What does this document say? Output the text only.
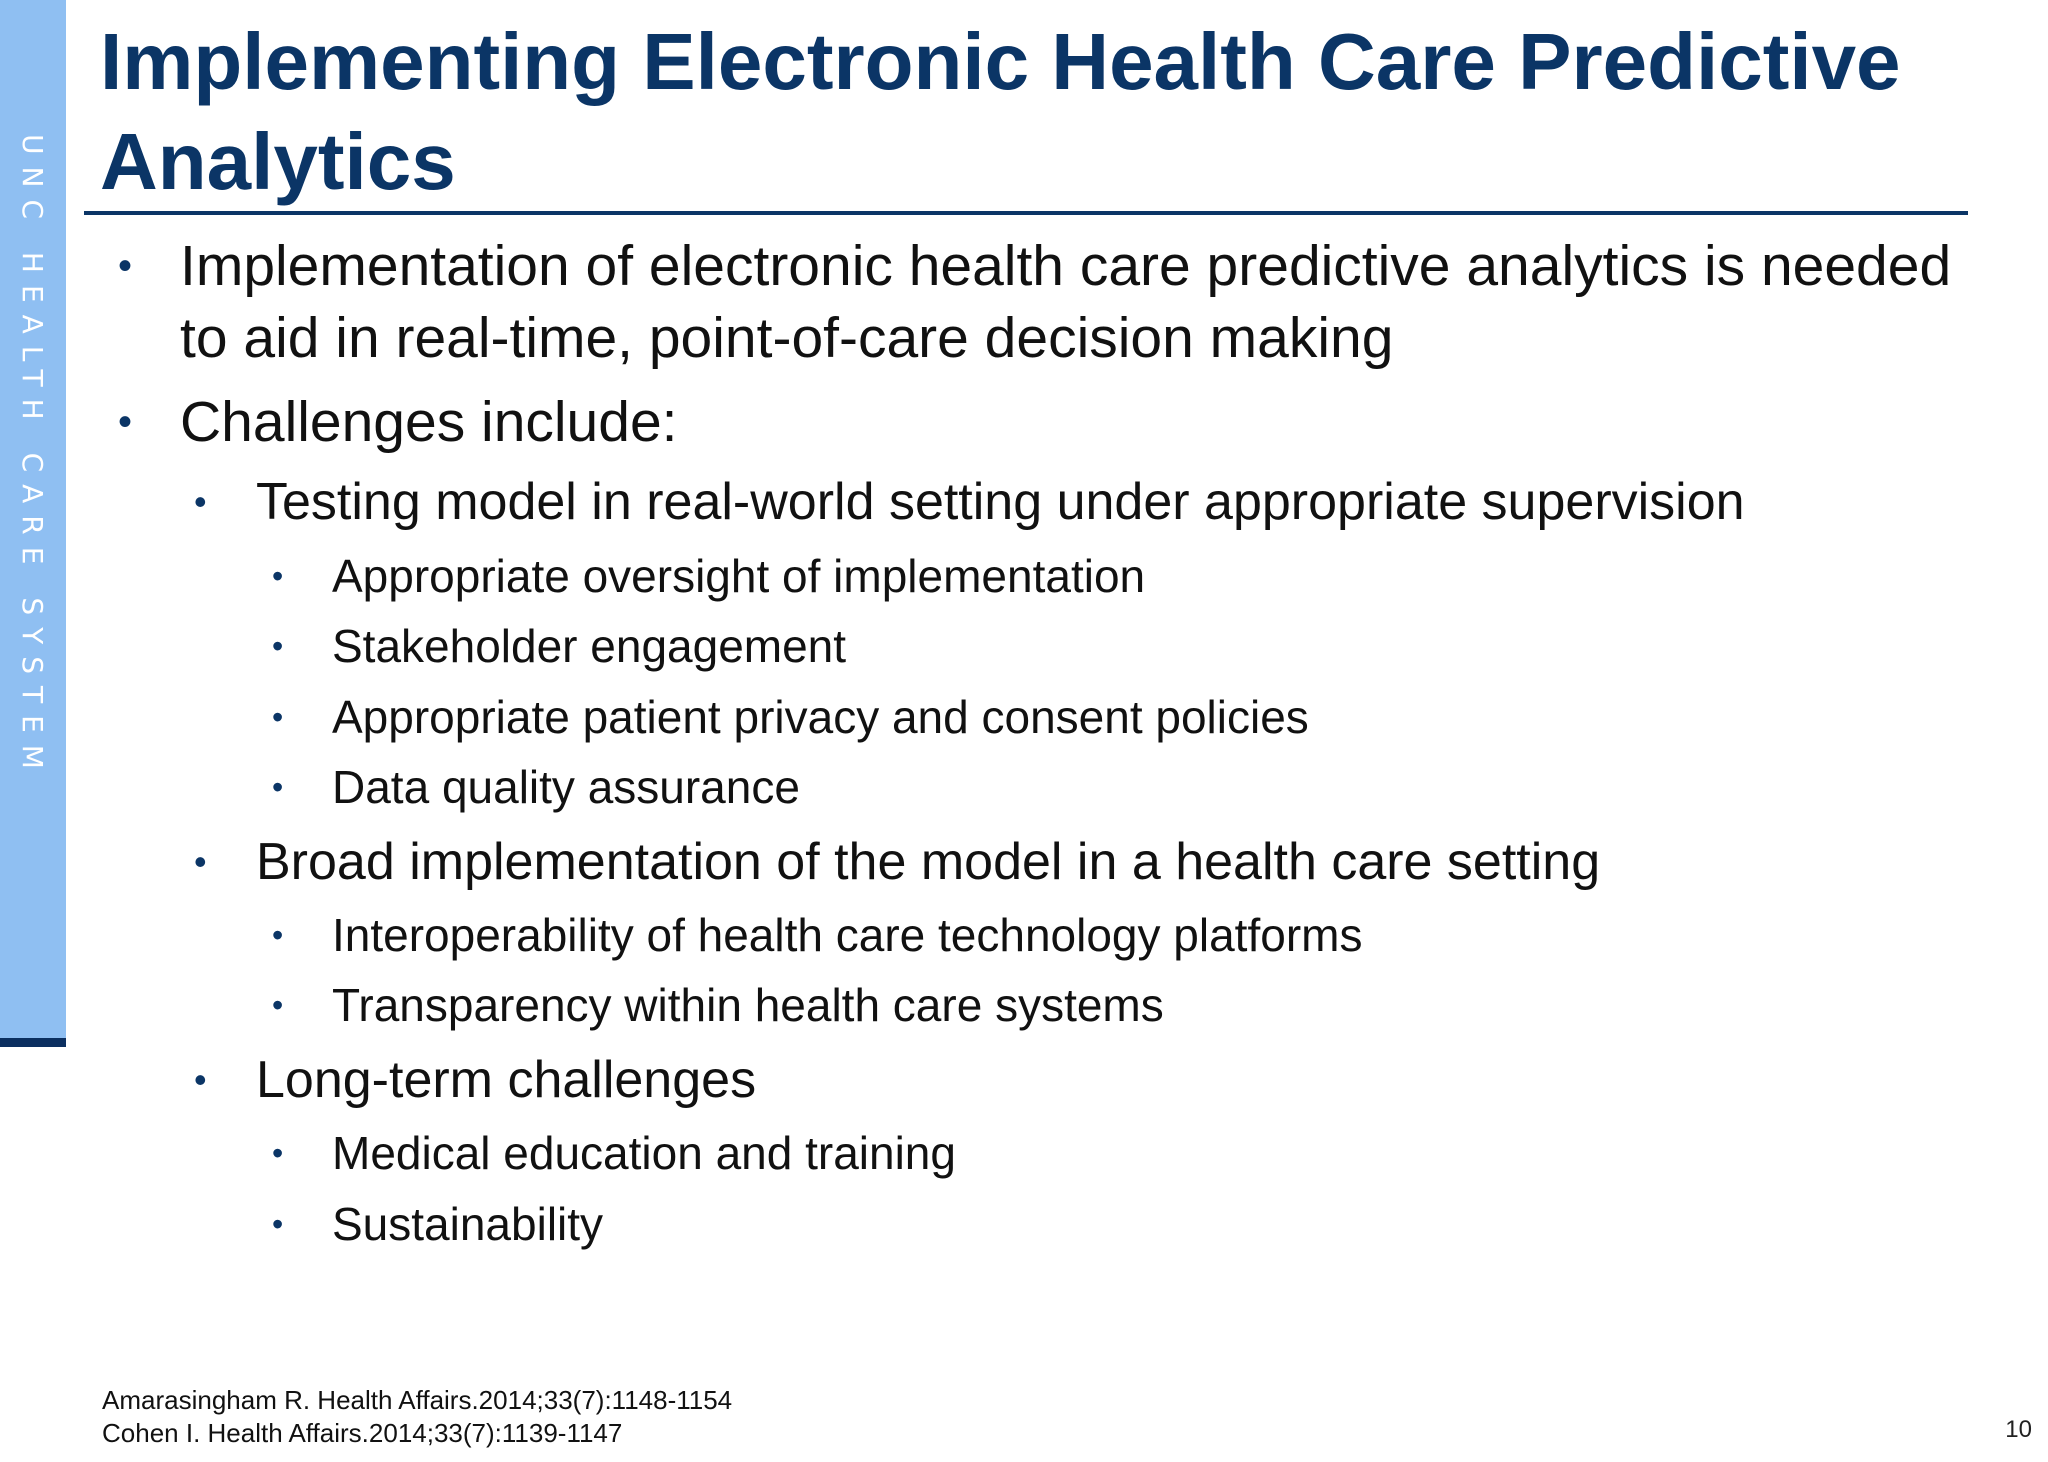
UNC HEALTH CARE SYSTEM
Implementing Electronic Health Care Predictive Analytics
• Implementation of electronic health care predictive analytics is needed to aid in real-time, point-of-care decision making
• Challenges include:
• Testing model in real-world setting under appropriate supervision
• Appropriate oversight of implementation
• Stakeholder engagement
• Appropriate patient privacy and consent policies
• Data quality assurance
• Broad implementation of the model in a health care setting
• Interoperability of health care technology platforms
• Transparency within health care systems
• Long-term challenges
• Medical education and training
• Sustainability
Amarasingham R. Health Affairs.2014;33(7):1148-1154
Cohen I. Health Affairs.2014;33(7):1139-1147	10
